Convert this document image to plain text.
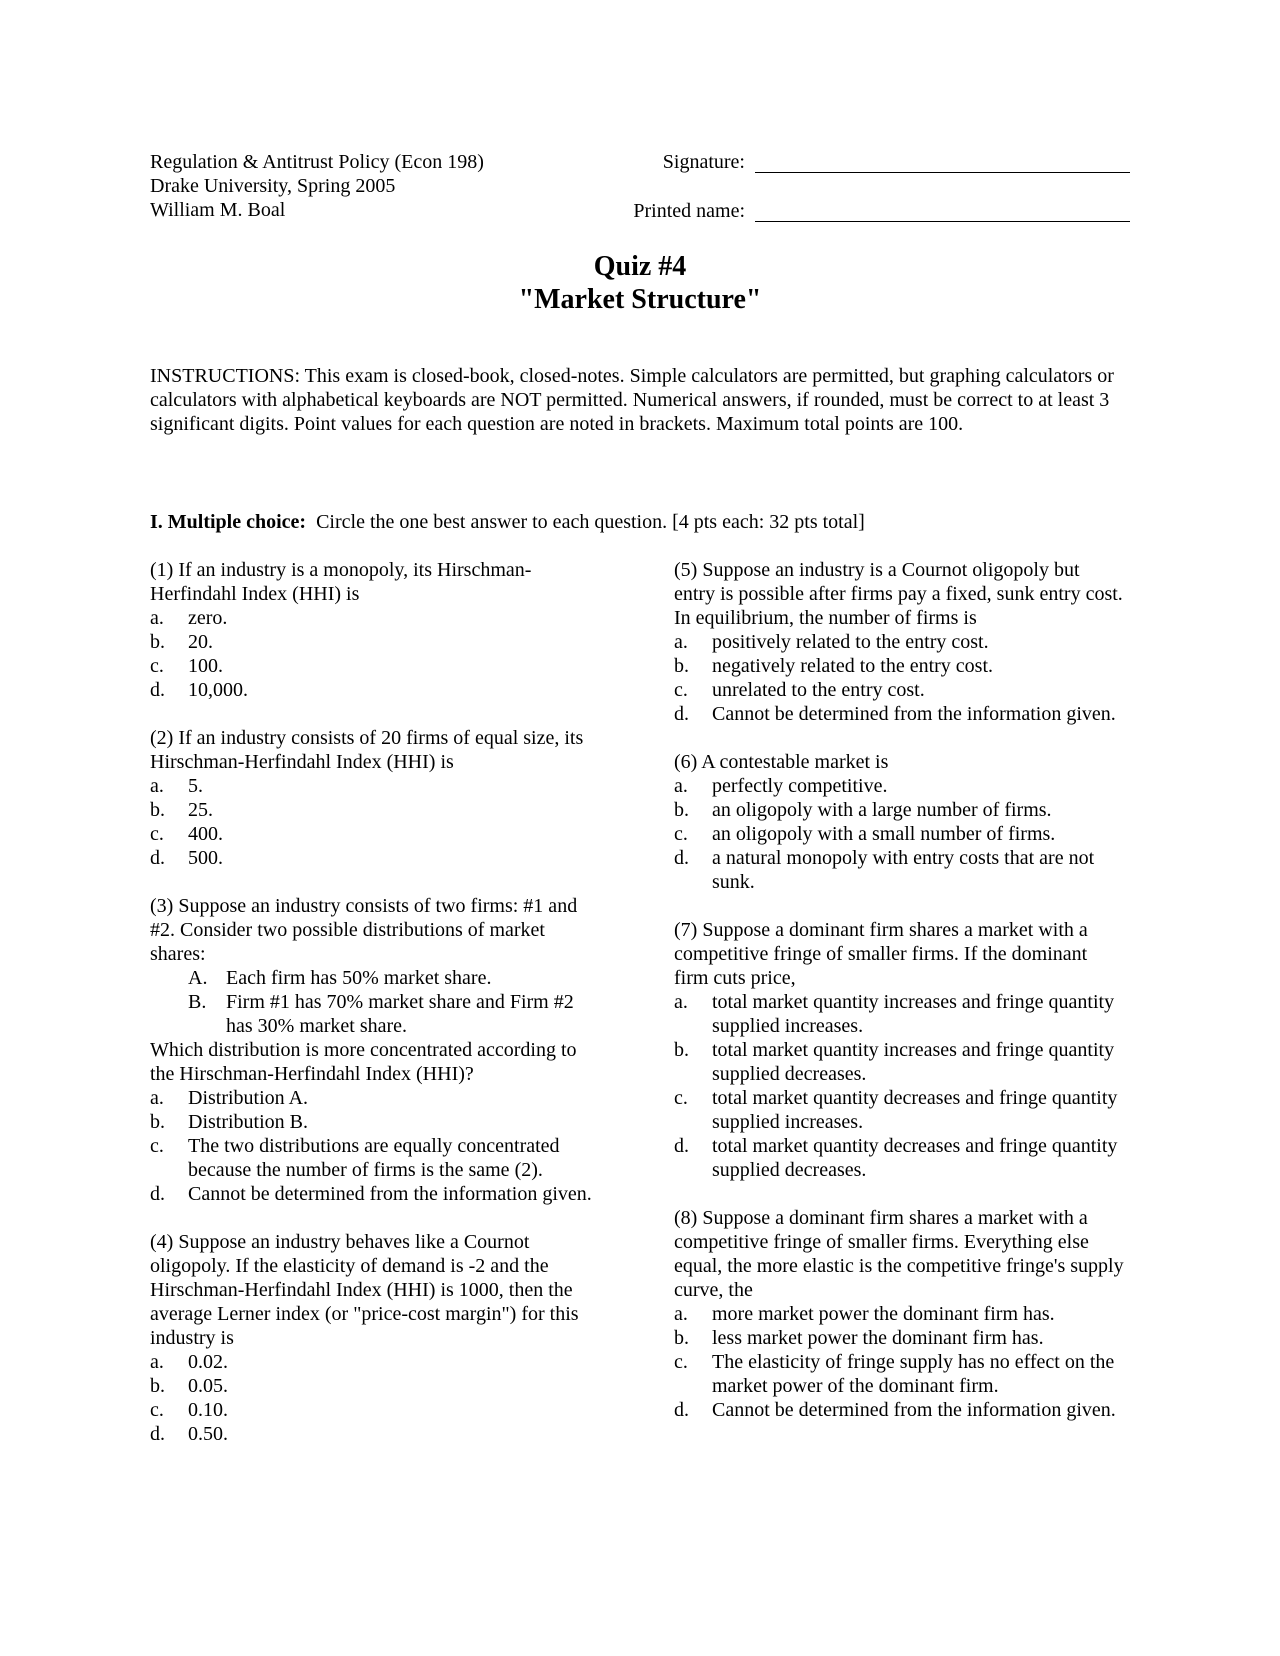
Regulation & Antitrust Policy (Econ 198)
Drake University, Spring 2005
William M. Boal
Signature:
Printed name:
Quiz #4
"Market Structure"
INSTRUCTIONS: This exam is closed-book, closed-notes. Simple calculators are permitted, but graphing calculators or calculators with alphabetical keyboards are NOT permitted. Numerical answers, if rounded, must be correct to at least 3 significant digits. Point values for each question are noted in brackets. Maximum total points are 100.
I. Multiple choice: Circle the one best answer to each question. [4 pts each: 32 pts total]
(1) If an industry is a monopoly, its Hirschman-Herfindahl Index (HHI) is
a.	zero.
b.	20.
c.	100.
d.	10,000.
(2) If an industry consists of 20 firms of equal size, its Hirschman-Herfindahl Index (HHI) is
a.	5.
b.	25.
c.	400.
d.	500.
(3) Suppose an industry consists of two firms: #1 and #2. Consider two possible distributions of market shares:
A. Each firm has 50% market share.
B. Firm #1 has 70% market share and Firm #2 has 30% market share.
Which distribution is more concentrated according to the Hirschman-Herfindahl Index (HHI)?
a.	Distribution A.
b.	Distribution B.
c.	The two distributions are equally concentrated because the number of firms is the same (2).
d.	Cannot be determined from the information given.
(4) Suppose an industry behaves like a Cournot oligopoly. If the elasticity of demand is -2 and the Hirschman-Herfindahl Index (HHI) is 1000, then the average Lerner index (or "price-cost margin") for this industry is
a.	0.02.
b.	0.05.
c.	0.10.
d.	0.50.
(5) Suppose an industry is a Cournot oligopoly but entry is possible after firms pay a fixed, sunk entry cost. In equilibrium, the number of firms is
a.	positively related to the entry cost.
b.	negatively related to the entry cost.
c.	unrelated to the entry cost.
d.	Cannot be determined from the information given.
(6) A contestable market is
a.	perfectly competitive.
b.	an oligopoly with a large number of firms.
c.	an oligopoly with a small number of firms.
d.	a natural monopoly with entry costs that are not sunk.
(7) Suppose a dominant firm shares a market with a competitive fringe of smaller firms. If the dominant firm cuts price,
a.	total market quantity increases and fringe quantity supplied increases.
b.	total market quantity increases and fringe quantity supplied decreases.
c.	total market quantity decreases and fringe quantity supplied increases.
d.	total market quantity decreases and fringe quantity supplied decreases.
(8) Suppose a dominant firm shares a market with a competitive fringe of smaller firms. Everything else equal, the more elastic is the competitive fringe's supply curve, the
a.	more market power the dominant firm has.
b.	less market power the dominant firm has.
c.	The elasticity of fringe supply has no effect on the market power of the dominant firm.
d.	Cannot be determined from the information given.
